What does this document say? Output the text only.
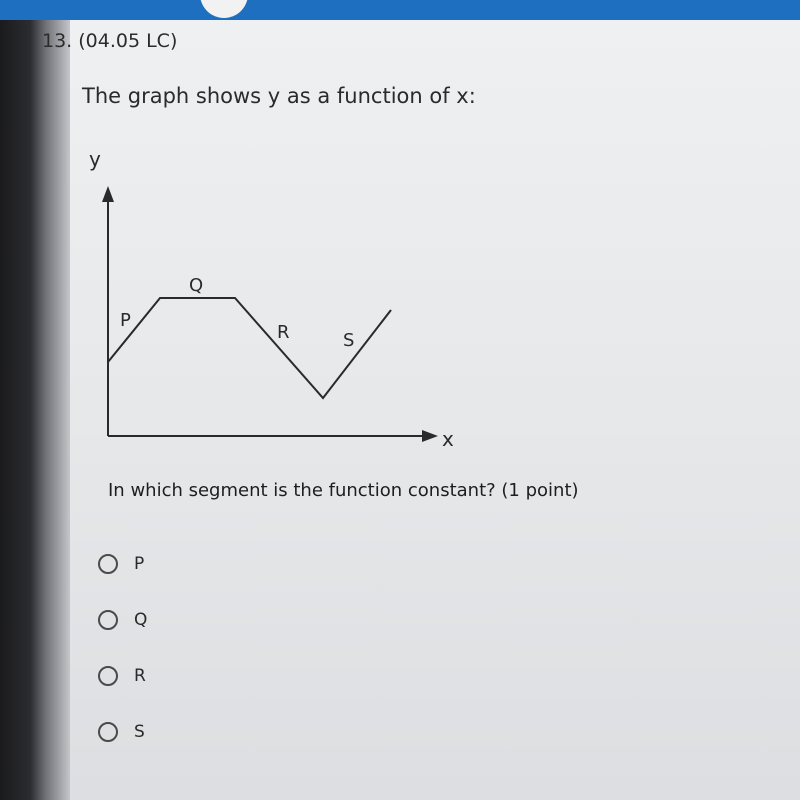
13. (04.05 LC)
The graph shows y as a function of x:
y
x
P
Q
R	S
In which segment is the function constant? (1 point)
P
Q
R
S
